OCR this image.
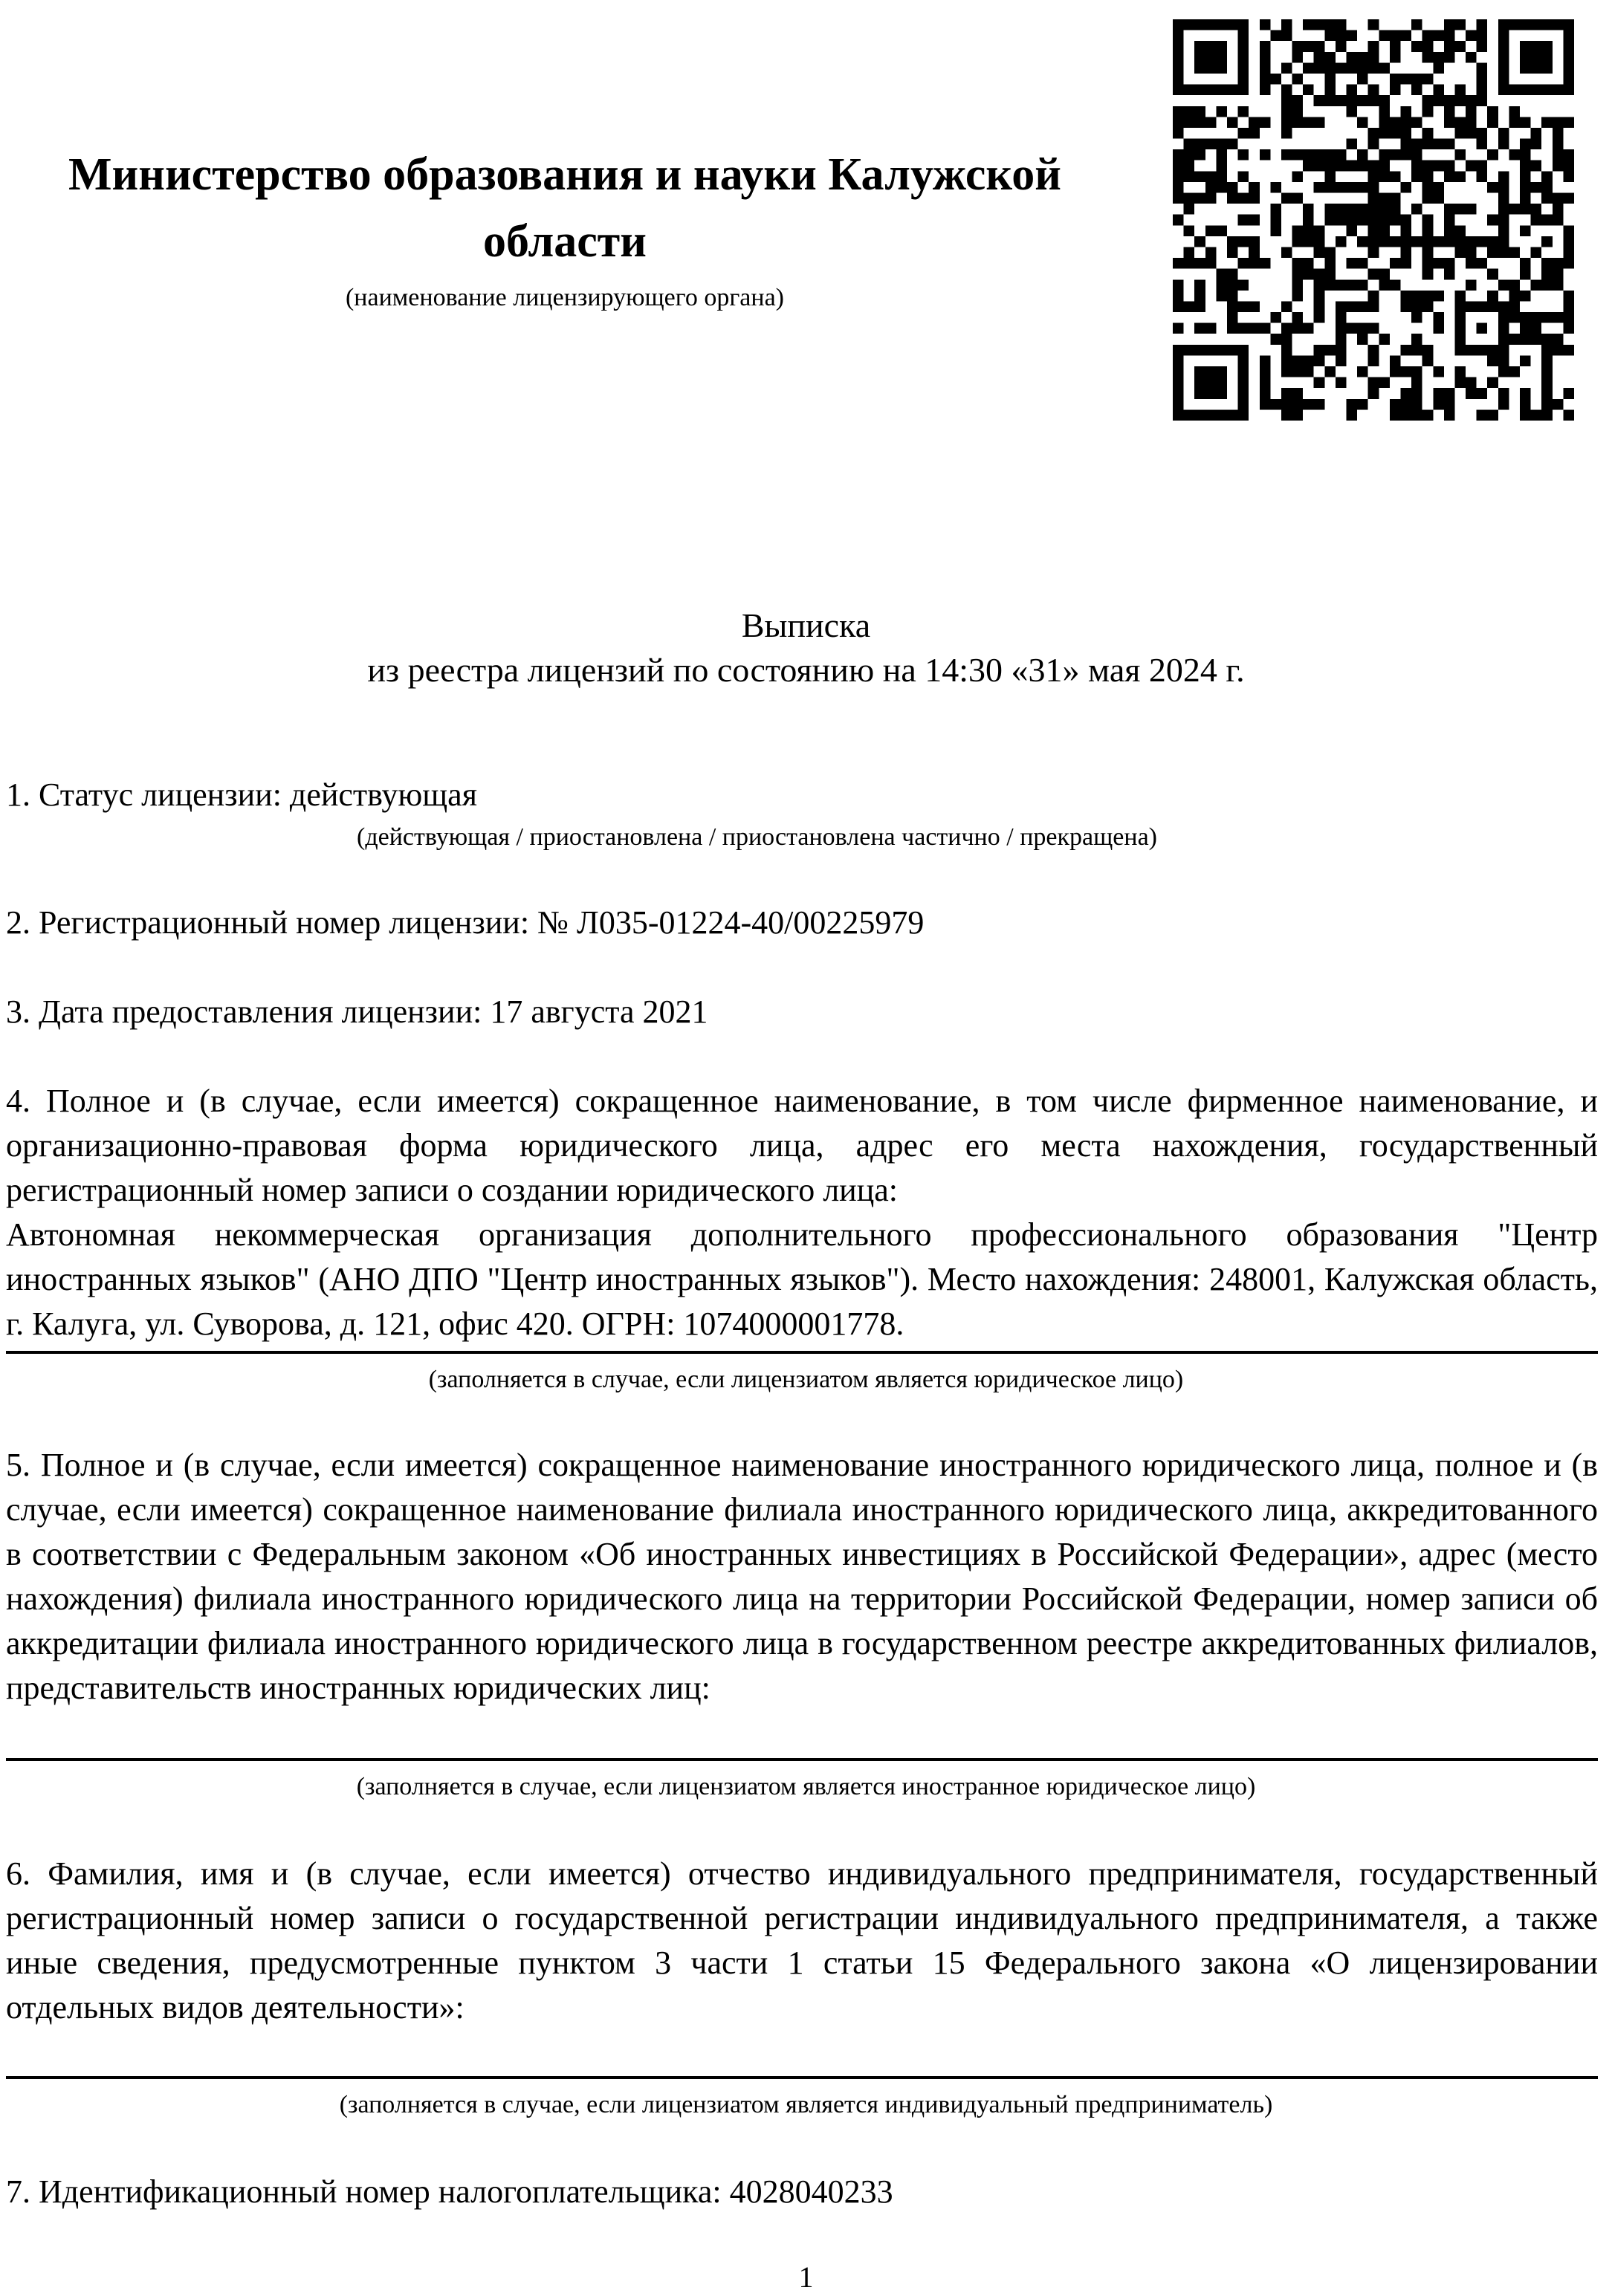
Министерство образования и науки Калужской области
(наименование лицензирующего органа)
Выписка
из реестра лицензий по состоянию на 14:30 «31» мая 2024 г.
1. Статус лицензии: действующая
(действующая / приостановлена / приостановлена частично / прекращена)
2. Регистрационный номер лицензии: № Л035-01224-40/00225979
3. Дата предоставления лицензии: 17 августа 2021
4. Полное и (в случае, если имеется) сокращенное наименование, в том числе фирменное наименование, и организационно-правовая форма юридического лица, адрес его места нахождения, государственный регистрационный номер записи о создании юридического лица:
Автономная некоммерческая организация дополнительного профессионального образования "Центр иностранных языков" (АНО ДПО "Центр иностранных языков"). Место нахождения: 248001, Калужская область, г. Калуга, ул. Суворова, д. 121, офис 420. ОГРН: 1074000001778.
(заполняется в случае, если лицензиатом является юридическое лицо)
5. Полное и (в случае, если имеется) сокращенное наименование иностранного юридического лица, полное и (в случае, если имеется) сокращенное наименование филиала иностранного юридического лица, аккредитованного в соответствии с Федеральным законом «Об иностранных инвестициях в Российской Федерации», адрес (место нахождения) филиала иностранного юридического лица на территории Российской Федерации, номер записи об аккредитации филиала иностранного юридического лица в государственном реестре аккредитованных филиалов, представительств иностранных юридических лиц:
(заполняется в случае, если лицензиатом является иностранное юридическое лицо)
6. Фамилия, имя и (в случае, если имеется) отчество индивидуального предпринимателя, государственный регистрационный номер записи о государственной регистрации индивидуального предпринимателя, а также иные сведения, предусмотренные пунктом 3 части 1 статьи 15 Федерального закона «О лицензировании отдельных видов деятельности»:
(заполняется в случае, если лицензиатом является индивидуальный предприниматель)
7. Идентификационный номер налогоплательщика: 4028040233
1
